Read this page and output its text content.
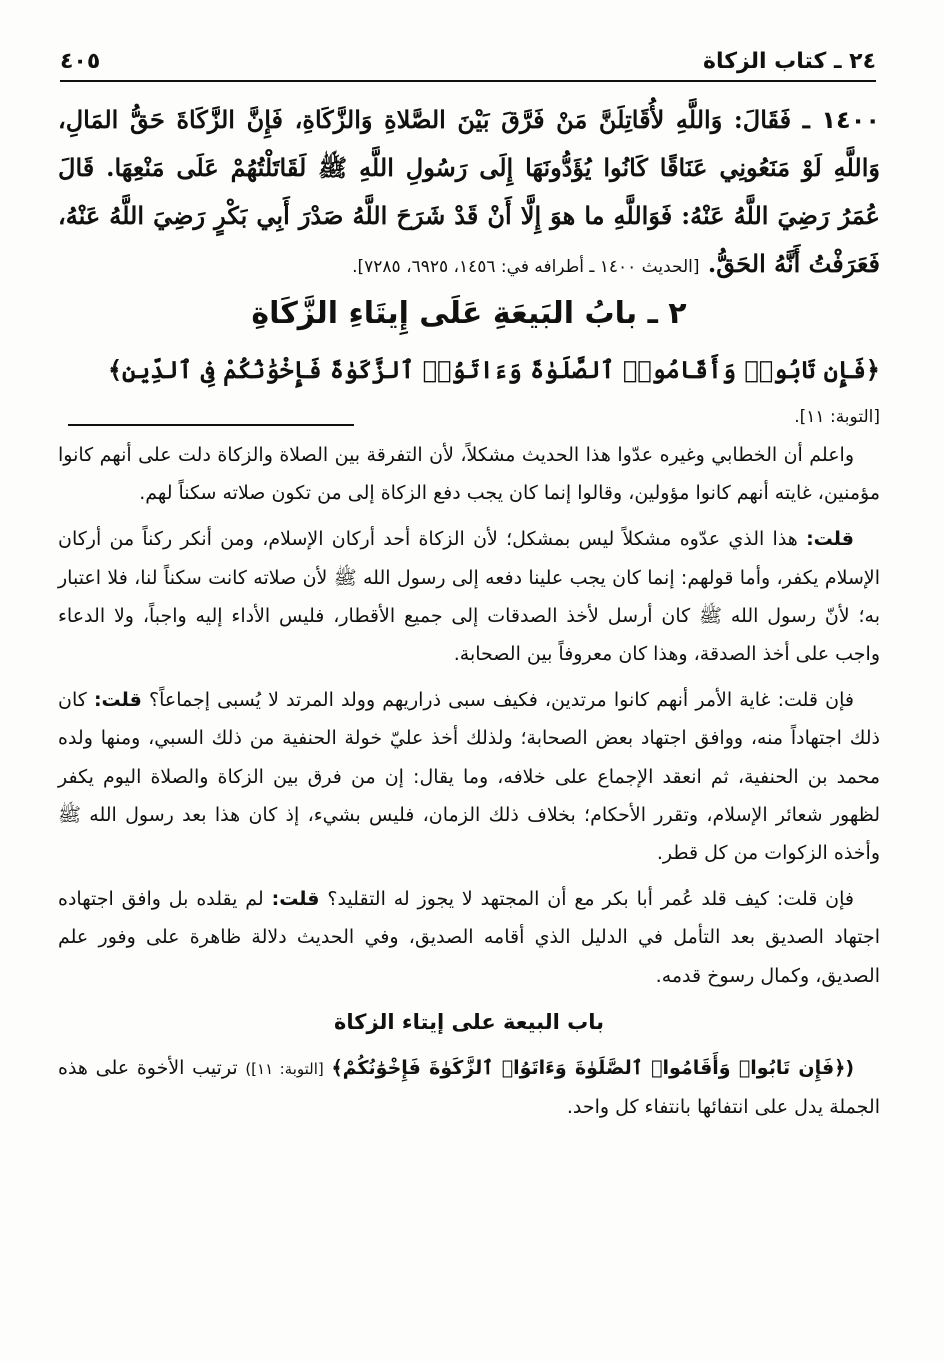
٢٤ ـ كتاب الزكاة
٤٠٥
١٤٠٠ ـ فَقَالَ: وَاللَّهِ لأُقَاتِلَنَّ مَنْ فَرَّقَ بَيْنَ الصَّلاةِ وَالزَّكَاةِ، فَإِنَّ الزَّكَاةَ حَقُّ المَالِ، وَاللَّهِ لَوْ مَنَعُونِي عَنَاقًا كَانُوا يُؤَدُّونَهَا إِلَى رَسُولِ اللَّهِ ﷺ لَقَاتَلْتُهُمْ عَلَى مَنْعِهَا. قَالَ عُمَرُ رَضِيَ اللَّهُ عَنْهُ: فَوَاللَّهِ ما هوَ إِلَّا أَنْ قَدْ شَرَحَ اللَّهُ صَدْرَ أَبِي بَكْرٍ رَضِيَ اللَّهُ عَنْهُ، فَعَرَفْتُ أَنَّهُ الحَقُّ. [الحديث ١٤٠٠ ـ أطرافه في: ١٤٥٦، ٦٩٢٥، ٧٢٨٥].
٢ ـ بابُ البَيعَةِ عَلَى إِيتَاءِ الزَّكَاةِ
﴿فَإِن تَابُوا۟ وَأَقَامُوا۟ ٱلصَّلَوٰةَ وَءَاتَوُا۟ ٱلزَّكَوٰةَ فَإِخْوَٰنُكُمْ فِى ٱلدِّينِ﴾ [التوبة: ١١].

واعلم أن الخطابي وغيره عدّوا هذا الحديث مشكلاً، لأن التفرقة بين الصلاة والزكاة دلت على أنهم كانوا مؤمنين، غايته أنهم كانوا مؤولين، وقالوا إنما كان يجب دفع الزكاة إلى من تكون صلاته سكناً لهم.

قلت: هذا الذي عدّوه مشكلاً ليس بمشكل؛ لأن الزكاة أحد أركان الإسلام، ومن أنكر ركناً من أركان الإسلام يكفر، وأما قولهم: إنما كان يجب علينا دفعه إلى رسول الله ﷺ لأن صلاته كانت سكناً لنا، فلا اعتبار به؛ لأنّ رسول الله ﷺ كان أرسل لأخذ الصدقات إلى جميع الأقطار، فليس الأداء إليه واجباً، ولا الدعاء واجب على أخذ الصدقة، وهذا كان معروفاً بين الصحابة.

فإن قلت: غاية الأمر أنهم كانوا مرتدين، فكيف سبى ذراريهم وولد المرتد لا يُسبى إجماعاً؟ قلت: كان ذلك اجتهاداً منه، ووافق اجتهاد بعض الصحابة؛ ولذلك أخذ عليّ خولة الحنفية من ذلك السبي، ومنها ولده محمد بن الحنفية، ثم انعقد الإجماع على خلافه، وما يقال: إن من فرق بين الزكاة والصلاة اليوم يكفر لظهور شعائر الإسلام، وتقرر الأحكام؛ بخلاف ذلك الزمان، فليس بشيء، إذ كان هذا بعد رسول الله ﷺ وأخذه الزكوات من كل قطر.

فإن قلت: كيف قلد عُمر أبا بكر مع أن المجتهد لا يجوز له التقليد؟ قلت: لم يقلده بل وافق اجتهاده اجتهاد الصديق بعد التأمل في الدليل الذي أقامه الصديق، وفي الحديث دلالة ظاهرة على وفور علم الصديق، وكمال رسوخ قدمه.

باب البيعة على إيتاء الزكاة

(﴿فَإِن تَابُوا۟ وَأَقَامُوا۟ ٱلصَّلَوٰةَ وَءَاتَوُا۟ ٱلزَّكَوٰةَ فَإِخْوَٰنُكُمْ﴾ [التوبة: ١١]) ترتيب الأخوة على هذه الجملة يدل على انتفائها بانتفاء كل واحد.
